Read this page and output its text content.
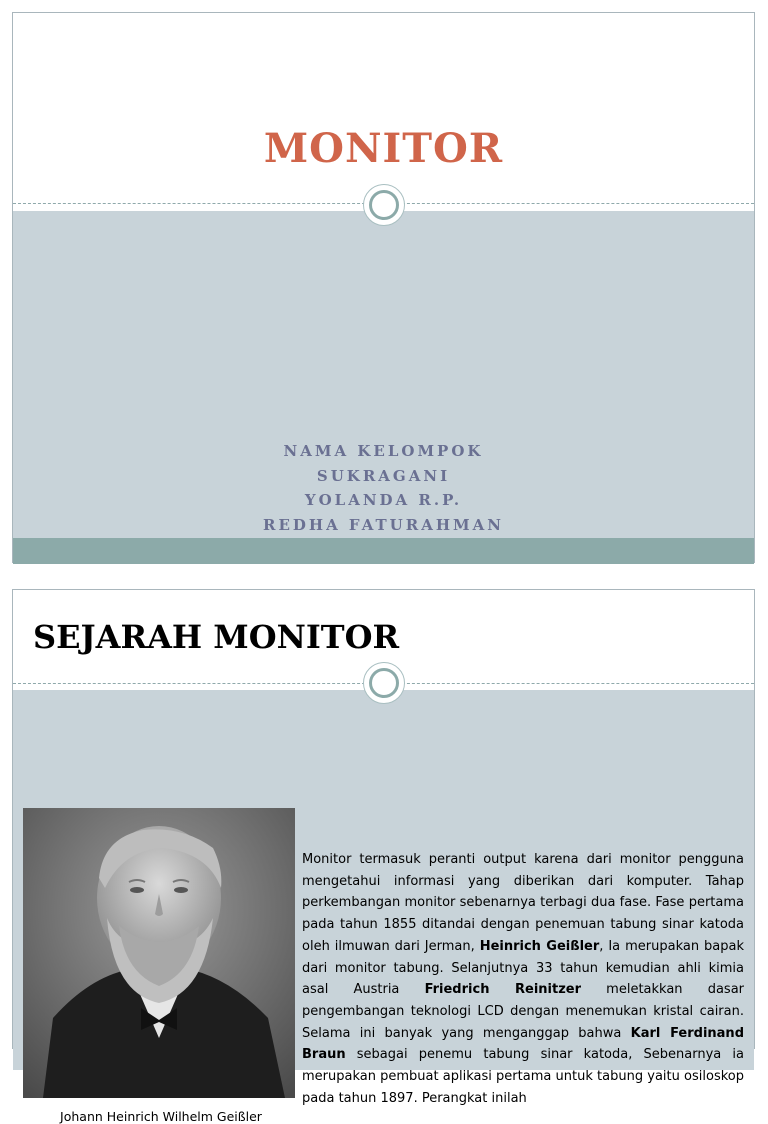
MONITOR
NAMA KELOMPOK
SUKRAGANI
YOLANDA R.P.
REDHA FATURAHMAN
SEJARAH MONITOR
Johann Heinrich Wilhelm Geißler
Monitor termasuk peranti output karena dari monitor pengguna mengetahui informasi yang diberikan dari komputer. Tahap perkembangan monitor sebenarnya terbagi dua fase. Fase pertama pada tahun 1855 ditandai dengan penemuan tabung sinar katoda oleh ilmuwan dari Jerman, Heinrich Geißler, Ia merupakan bapak dari monitor tabung. Selanjutnya 33 tahun kemudian ahli kimia asal Austria Friedrich Reinitzer meletakkan dasar pengembangan teknologi LCD dengan menemukan kristal cairan. Selama ini banyak yang menganggap bahwa Karl Ferdinand Braun sebagai penemu tabung sinar katoda, Sebenarnya ia merupakan pembuat aplikasi pertama untuk tabung yaitu osiloskop pada tahun 1897. Perangkat inilah
